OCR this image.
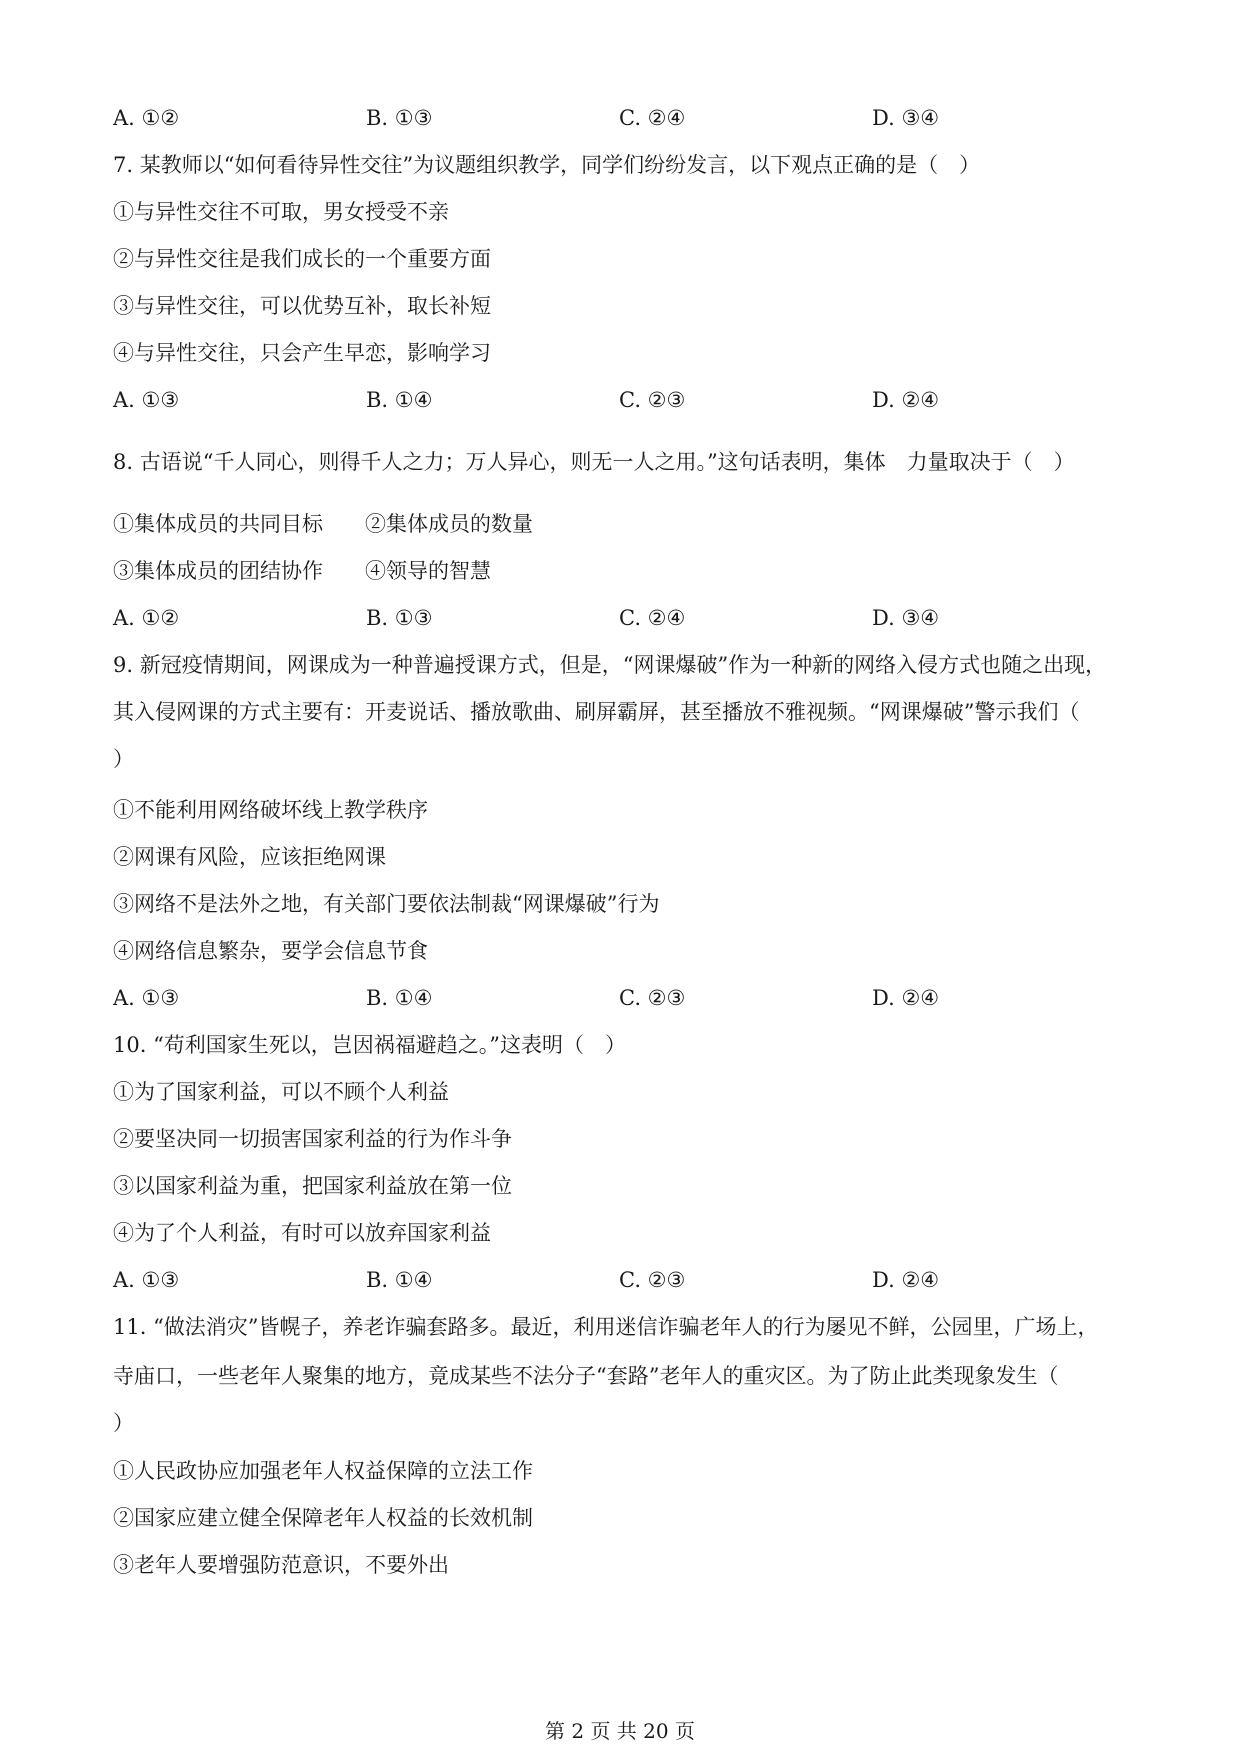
A. ①②	B. ①③	C. ②④	D. ③④
7. 某教师以“如何看待异性交往”为议题组织教学，同学们纷纷发言，以下观点正确的是（　）
①与异性交往不可取，男女授受不亲
②与异性交往是我们成长的一个重要方面
③与异性交往，可以优势互补，取长补短
④与异性交往，只会产生早恋，影响学习
A. ①③	B. ①④	C. ②③	D. ②④
8. 古语说“千人同心，则得千人之力；万人异心，则无一人之用。”这句话表明，集体　力量取决于（　）
①集体成员的共同目标　　②集体成员的数量
③集体成员的团结协作　　④领导的智慧
A. ①②	B. ①③	C. ②④	D. ③④
9. 新冠疫情期间，网课成为一种普遍授课方式，但是，“网课爆破”作为一种新的网络入侵方式也随之出现，
其入侵网课的方式主要有：开麦说话、播放歌曲、刷屏霸屏，甚至播放不雅视频。“网课爆破”警示我们（
）
①不能利用网络破坏线上教学秩序
②网课有风险，应该拒绝网课
③网络不是法外之地，有关部门要依法制裁“网课爆破”行为
④网络信息繁杂，要学会信息节食
A. ①③	B. ①④	C. ②③	D. ②④
10. “苟利国家生死以，岂因祸福避趋之。”这表明（　）
①为了国家利益，可以不顾个人利益
②要坚决同一切损害国家利益的行为作斗争
③以国家利益为重，把国家利益放在第一位
④为了个人利益，有时可以放弃国家利益
A. ①③	B. ①④	C. ②③	D. ②④
11. “做法消灾”皆幌子，养老诈骗套路多。最近，利用迷信诈骗老年人的行为屡见不鲜，公园里，广场上，
寺庙口，一些老年人聚集的地方，竟成某些不法分子“套路”老年人的重灾区。为了防止此类现象发生（
）
①人民政协应加强老年人权益保障的立法工作
②国家应建立健全保障老年人权益的长效机制
③老年人要增强防范意识，不要外出
第 2 页 共 20 页
